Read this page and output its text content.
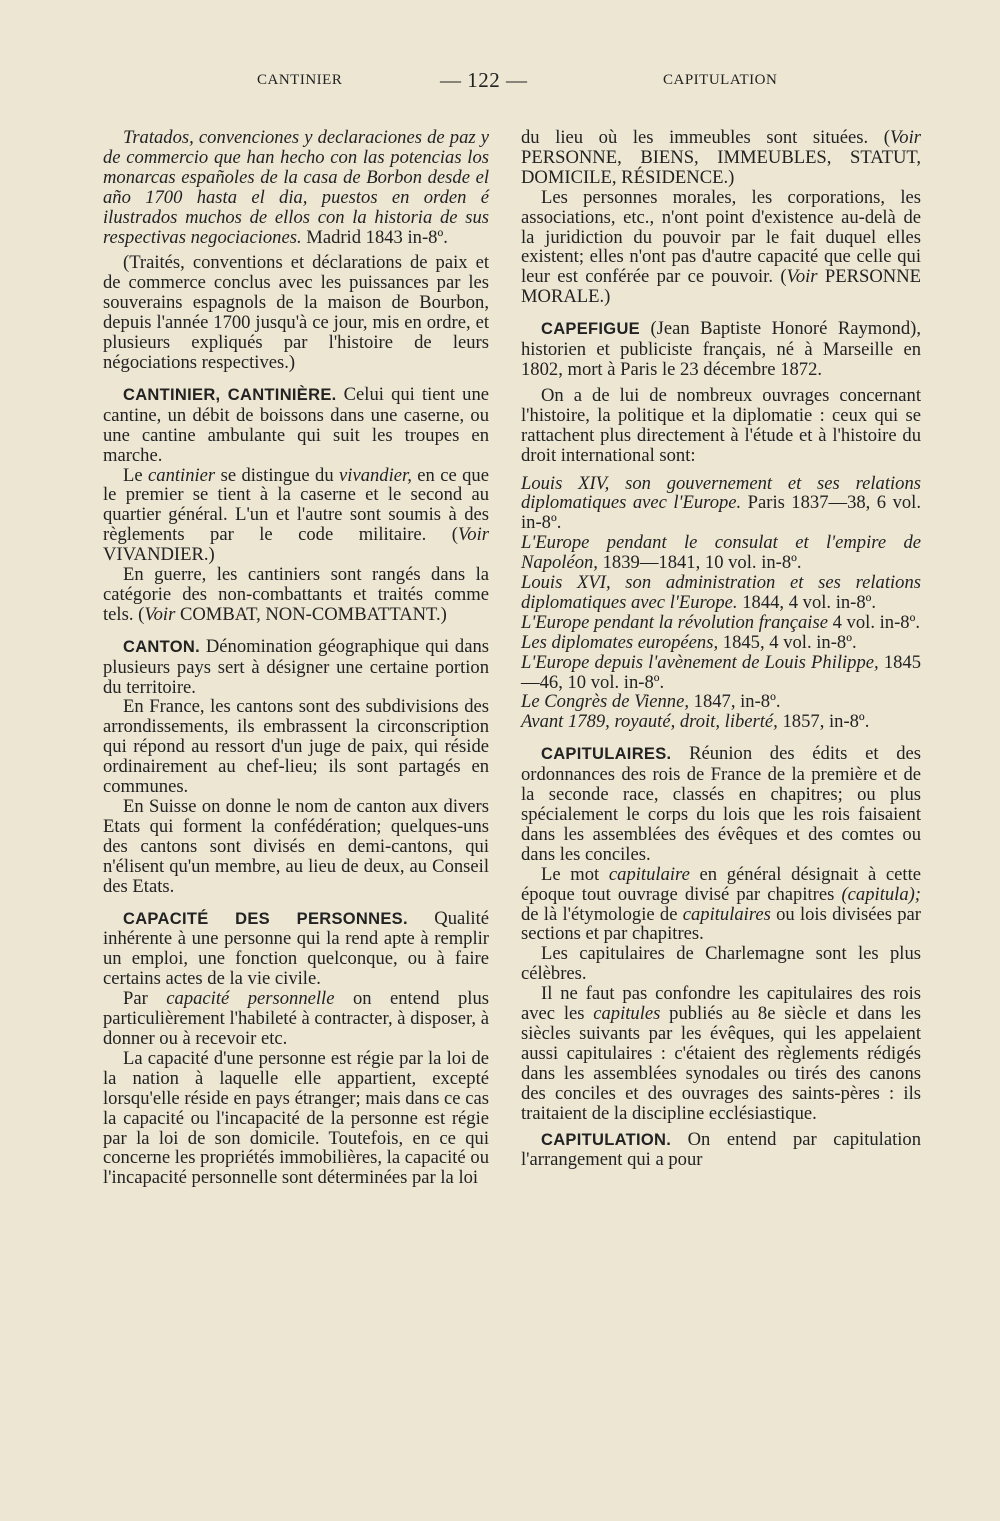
CANTINIER	— 122 —	CAPITULATION

Tratados, convenciones y declaraciones de paz y de commercio que han hecho con las potencias los monarcas españoles de la casa de Borbon desde el año 1700 hasta el dia, puestos en orden é ilustrados muchos de ellos con la historia de sus respectivas negociaciones. Madrid 1843 in-8º.

(Traités, conventions et déclarations de paix et de commerce conclus avec les puissances par les souverains espagnols de la maison de Bourbon, depuis l'année 1700 jusqu'à ce jour, mis en ordre, et plusieurs expliqués par l'histoire de leurs négociations respectives.)

CANTINIER, CANTINIÈRE. Celui qui tient une cantine, un débit de boissons dans une caserne, ou une cantine ambulante qui suit les troupes en marche.

Le cantinier se distingue du vivandier, en ce que le premier se tient à la caserne et le second au quartier général. L'un et l'autre sont soumis à des règlements par le code militaire. (Voir VIVANDIER.)

En guerre, les cantiniers sont rangés dans la catégorie des non-combattants et traités comme tels. (Voir COMBAT, NON-COMBATTANT.)

CANTON. Dénomination géographique qui dans plusieurs pays sert à désigner une certaine portion du territoire.

En France, les cantons sont des subdivisions des arrondissements, ils embrassent la circonscription qui répond au ressort d'un juge de paix, qui réside ordinairement au chef-lieu; ils sont partagés en communes.

En Suisse on donne le nom de canton aux divers Etats qui forment la confédération; quelques-uns des cantons sont divisés en demi-cantons, qui n'élisent qu'un membre, au lieu de deux, au Conseil des Etats.

CAPACITÉ DES PERSONNES. Qualité inhérente à une personne qui la rend apte à remplir un emploi, une fonction quelconque, ou à faire certains actes de la vie civile.

Par capacité personnelle on entend plus particulièrement l'habileté à contracter, à disposer, à donner ou à recevoir etc.

La capacité d'une personne est régie par la loi de la nation à laquelle elle appartient, excepté lorsqu'elle réside en pays étranger; mais dans ce cas la capacité ou l'incapacité de la personne est régie par la loi de son domicile. Toutefois, en ce qui concerne les propriétés immobilières, la capacité ou l'incapacité personnelle sont déterminées par la loi

du lieu où les immeubles sont situées. (Voir PERSONNE, BIENS, IMMEUBLES, STATUT, DOMICILE, RÉSIDENCE.)

Les personnes morales, les corporations, les associations, etc., n'ont point d'existence au-delà de la juridiction du pouvoir par le fait duquel elles existent; elles n'ont pas d'autre capacité que celle qui leur est conférée par ce pouvoir. (Voir PERSONNE MORALE.)

CAPEFIGUE (Jean Baptiste Honoré Raymond), historien et publiciste français, né à Marseille en 1802, mort à Paris le 23 décembre 1872.

On a de lui de nombreux ouvrages concernant l'histoire, la politique et la diplomatie : ceux qui se rattachent plus directement à l'étude et à l'histoire du droit international sont:

Louis XIV, son gouvernement et ses relations diplomatiques avec l'Europe. Paris 1837—38, 6 vol. in-8º.

L'Europe pendant le consulat et l'empire de Napoléon, 1839—1841, 10 vol. in-8º.

Louis XVI, son administration et ses relations diplomatiques avec l'Europe. 1844, 4 vol. in-8º.

L'Europe pendant la révolution française 4 vol. in-8º.

Les diplomates européens, 1845, 4 vol. in-8º.

L'Europe depuis l'avènement de Louis Philippe, 1845—46, 10 vol. in-8º.

Le Congrès de Vienne, 1847, in-8º.

Avant 1789, royauté, droit, liberté, 1857, in-8º.

CAPITULAIRES. Réunion des édits et des ordonnances des rois de France de la première et de la seconde race, classés en chapitres; ou plus spécialement le corps du lois que les rois faisaient dans les assemblées des évêques et des comtes ou dans les conciles.

Le mot capitulaire en général désignait à cette époque tout ouvrage divisé par chapitres (capitula); de là l'étymologie de capitulaires ou lois divisées par sections et par chapitres.

Les capitulaires de Charlemagne sont les plus célèbres.

Il ne faut pas confondre les capitulaires des rois avec les capitules publiés au 8e siècle et dans les siècles suivants par les évêques, qui les appelaient aussi capitulaires : c'étaient des règlements rédigés dans les assemblées synodales ou tirés des canons des conciles et des ouvrages des saints-pères : ils traitaient de la discipline ecclésiastique.

CAPITULATION. On entend par capitulation l'arrangement qui a pour
